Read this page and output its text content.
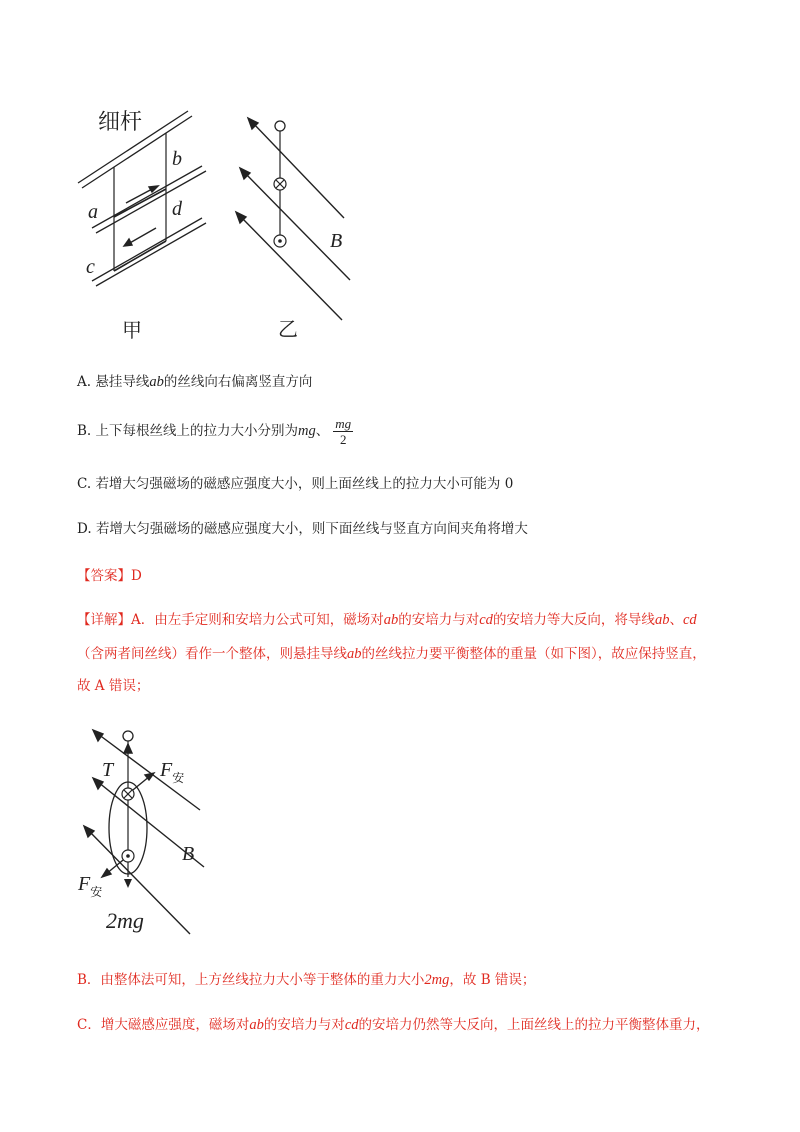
细杆
b
a	d
c
甲
B
乙
A. 悬挂导线ab的丝线向右偏离竖直方向
B. 上下每根丝线上的拉力大小分别为mg、 $\frac{mg}{2}$
C. 若增大匀强磁场的磁感应强度大小，则上面丝线上的拉力大小可能为 0
D. 若增大匀强磁场的磁感应强度大小，则下面丝线与竖直方向间夹角将增大
【答案】D
【详解】A．由左手定则和安培力公式可知，磁场对ab的安培力与对cd的安培力等大反向，将导线ab、cd
（含两者间丝线）看作一个整体，则悬挂导线ab的丝线拉力要平衡整体的重量（如下图），故应保持竖直，
故 A 错误；
T $F_安$
B
$F_安$
2mg
B．由整体法可知，上方丝线拉力大小等于整体的重力大小2mg，故 B 错误；
C．增大磁感应强度，磁场对ab的安培力与对cd的安培力仍然等大反向，上面丝线上的拉力平衡整体重力，
